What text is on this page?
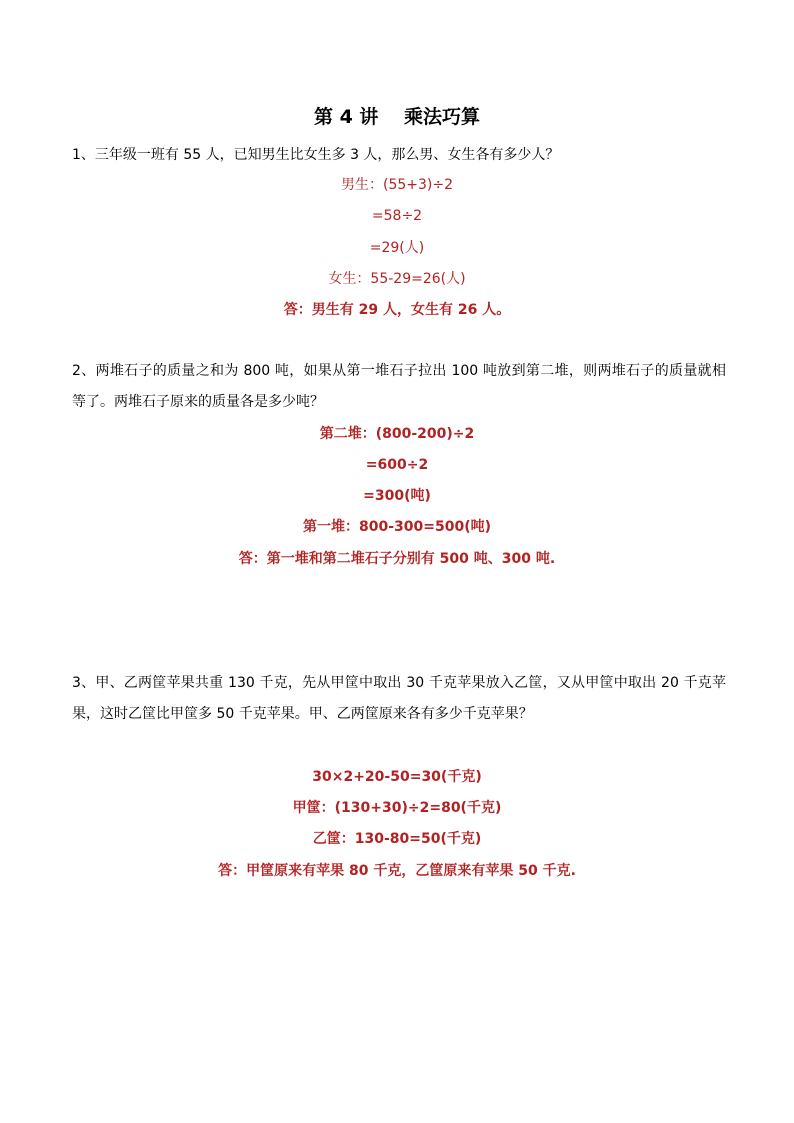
第 4 讲　 乘法巧算
1、三年级一班有 55 人，已知男生比女生多 3 人，那么男、女生各有多少人？
男生：(55+3)÷2
=58÷2
=29(人)
女生：55-29=26(人)
答：男生有 29 人，女生有 26 人。
2、两堆石子的质量之和为 800 吨，如果从第一堆石子拉出 100 吨放到第二堆，则两堆石子的质量就相等了。两堆石子原来的质量各是多少吨？
第二堆：(800-200)÷2
=600÷2
=300(吨)
第一堆：800-300=500(吨)
答：第一堆和第二堆石子分别有 500 吨、300 吨.
3、甲、乙两筐苹果共重 130 千克，先从甲筐中取出 30 千克苹果放入乙筐，又从甲筐中取出 20 千克苹果，这时乙筐比甲筐多 50 千克苹果。甲、乙两筐原来各有多少千克苹果？
30×2+20-50=30(千克)
甲筐：(130+30)÷2=80(千克)
乙筐：130-80=50(千克)
答：甲筐原来有苹果 80 千克，乙筐原来有苹果 50 千克.
